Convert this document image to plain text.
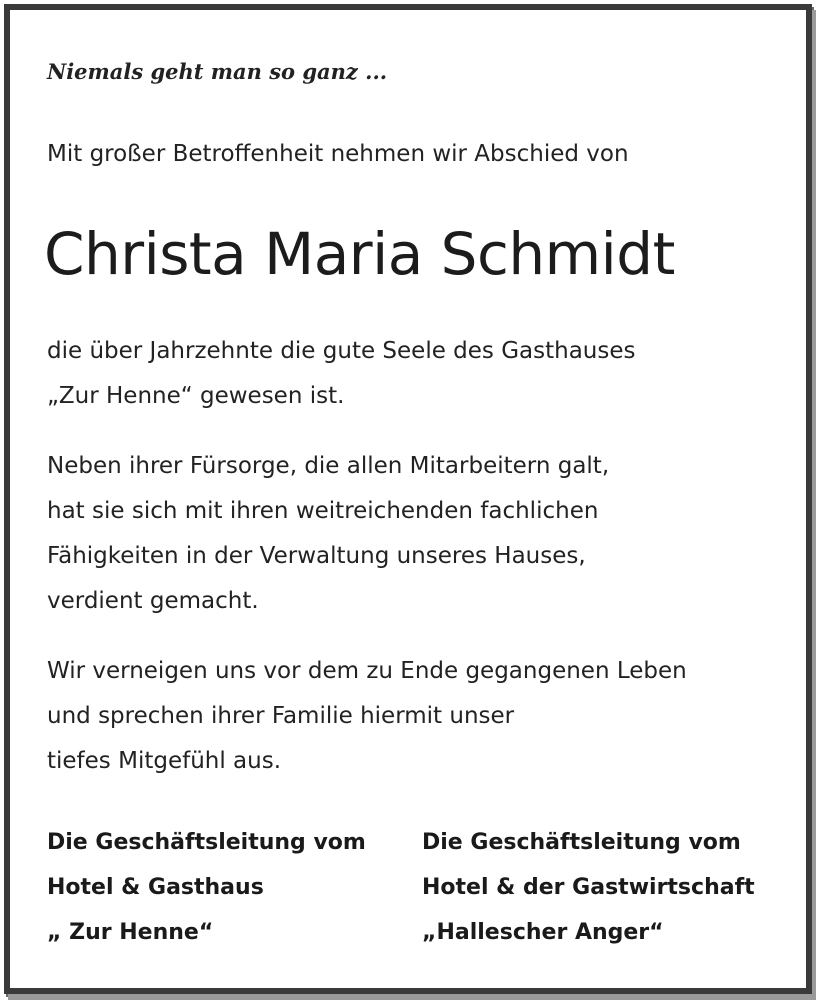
Niemals geht man so ganz ...

Mit großer Betroffenheit nehmen wir Abschied von

Christa Maria Schmidt
die über Jahrzehnte die gute Seele des Gasthauses
„Zur Henne“ gewesen ist.
Neben ihrer Fürsorge, die allen Mitarbeitern galt,
hat sie sich mit ihren weitreichenden fachlichen
Fähigkeiten in der Verwaltung unseres Hauses,
verdient gemacht.
Wir verneigen uns vor dem zu Ende gegangenen Leben
und sprechen ihrer Familie hiermit unser
tiefes Mitgefühl aus.
Die Geschäftsleitung vom
Hotel & Gasthaus
„ Zur Henne“
Die Geschäftsleitung vom
Hotel & der Gastwirtschaft
„Hallescher Anger“
